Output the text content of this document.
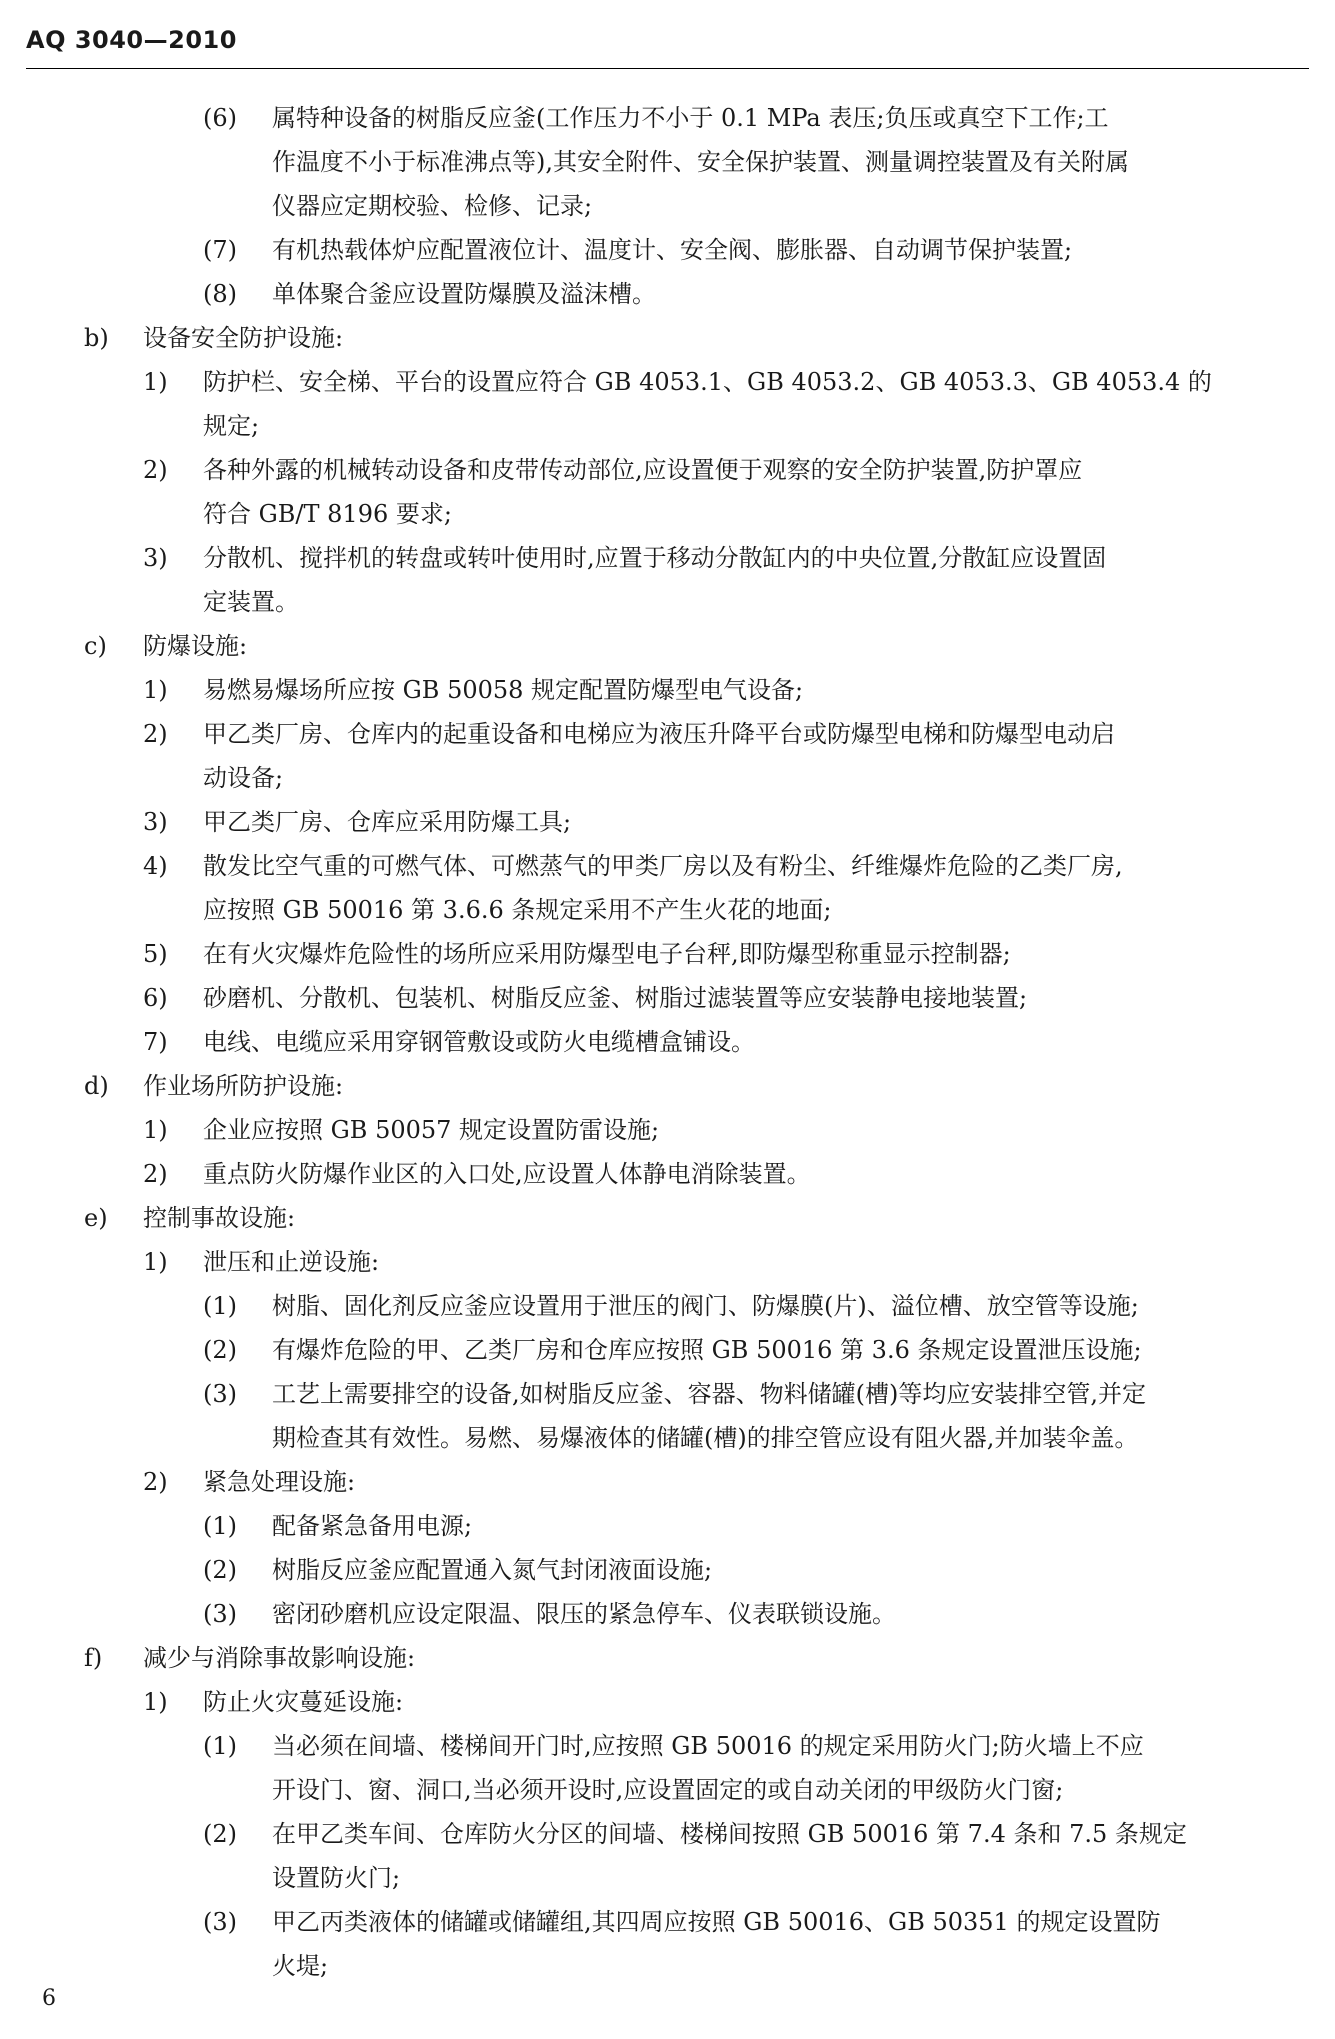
AQ 3040—2010
(6) 属特种设备的树脂反应釜(工作压力不小于 0.1 MPa 表压;负压或真空下工作;工
作温度不小于标准沸点等),其安全附件、安全保护装置、测量调控装置及有关附属
仪器应定期校验、检修、记录;
(7) 有机热载体炉应配置液位计、温度计、安全阀、膨胀器、自动调节保护装置;
(8) 单体聚合釜应设置防爆膜及溢沫槽。
b) 设备安全防护设施:
1) 防护栏、安全梯、平台的设置应符合 GB 4053.1、GB 4053.2、GB 4053.3、GB 4053.4 的
规定;
2) 各种外露的机械转动设备和皮带传动部位,应设置便于观察的安全防护装置,防护罩应
符合 GB/T 8196 要求;
3) 分散机、搅拌机的转盘或转叶使用时,应置于移动分散缸内的中央位置,分散缸应设置固
定装置。
c) 防爆设施:
1) 易燃易爆场所应按 GB 50058 规定配置防爆型电气设备;
2) 甲乙类厂房、仓库内的起重设备和电梯应为液压升降平台或防爆型电梯和防爆型电动启
动设备;
3) 甲乙类厂房、仓库应采用防爆工具;
4) 散发比空气重的可燃气体、可燃蒸气的甲类厂房以及有粉尘、纤维爆炸危险的乙类厂房,
应按照 GB 50016 第 3.6.6 条规定采用不产生火花的地面;
5) 在有火灾爆炸危险性的场所应采用防爆型电子台秤,即防爆型称重显示控制器;
6) 砂磨机、分散机、包装机、树脂反应釜、树脂过滤装置等应安装静电接地装置;
7) 电线、电缆应采用穿钢管敷设或防火电缆槽盒铺设。
d) 作业场所防护设施:
1) 企业应按照 GB 50057 规定设置防雷设施;
2) 重点防火防爆作业区的入口处,应设置人体静电消除装置。
e) 控制事故设施:
1) 泄压和止逆设施:
(1) 树脂、固化剂反应釜应设置用于泄压的阀门、防爆膜(片)、溢位槽、放空管等设施;
(2) 有爆炸危险的甲、乙类厂房和仓库应按照 GB 50016 第 3.6 条规定设置泄压设施;
(3) 工艺上需要排空的设备,如树脂反应釜、容器、物料储罐(槽)等均应安装排空管,并定
期检查其有效性。易燃、易爆液体的储罐(槽)的排空管应设有阻火器,并加装伞盖。
2) 紧急处理设施:
(1) 配备紧急备用电源;
(2) 树脂反应釜应配置通入氮气封闭液面设施;
(3) 密闭砂磨机应设定限温、限压的紧急停车、仪表联锁设施。
f) 减少与消除事故影响设施:
1) 防止火灾蔓延设施:
(1) 当必须在间墙、楼梯间开门时,应按照 GB 50016 的规定采用防火门;防火墙上不应
开设门、窗、洞口,当必须开设时,应设置固定的或自动关闭的甲级防火门窗;
(2) 在甲乙类车间、仓库防火分区的间墙、楼梯间按照 GB 50016 第 7.4 条和 7.5 条规定
设置防火门;
(3) 甲乙丙类液体的储罐或储罐组,其四周应按照 GB 50016、GB 50351 的规定设置防
火堤;
6
